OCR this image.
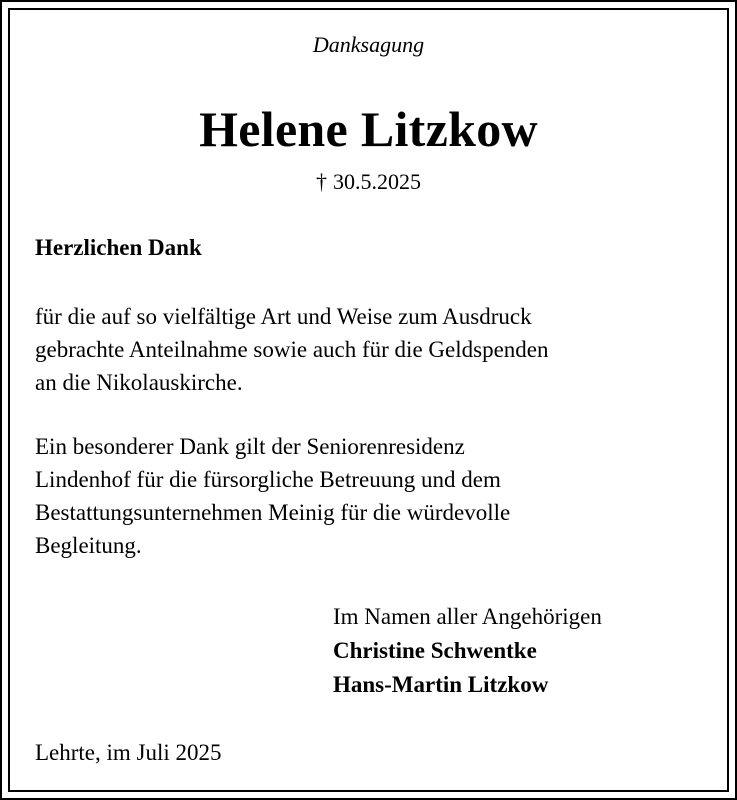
Danksagung
Helene Litzkow
† 30.5.2025
Herzlichen Dank
für die auf so vielfältige Art und Weise zum Ausdruck
gebrachte Anteilnahme sowie auch für die Geldspenden
an die Nikolauskirche.
Ein besonderer Dank gilt der Seniorenresidenz
Lindenhof für die fürsorgliche Betreuung und dem
Bestattungsunternehmen Meinig für die würdevolle
Begleitung.
Im Namen aller Angehörigen
Christine Schwentke
Hans-Martin Litzkow
Lehrte, im Juli 2025
